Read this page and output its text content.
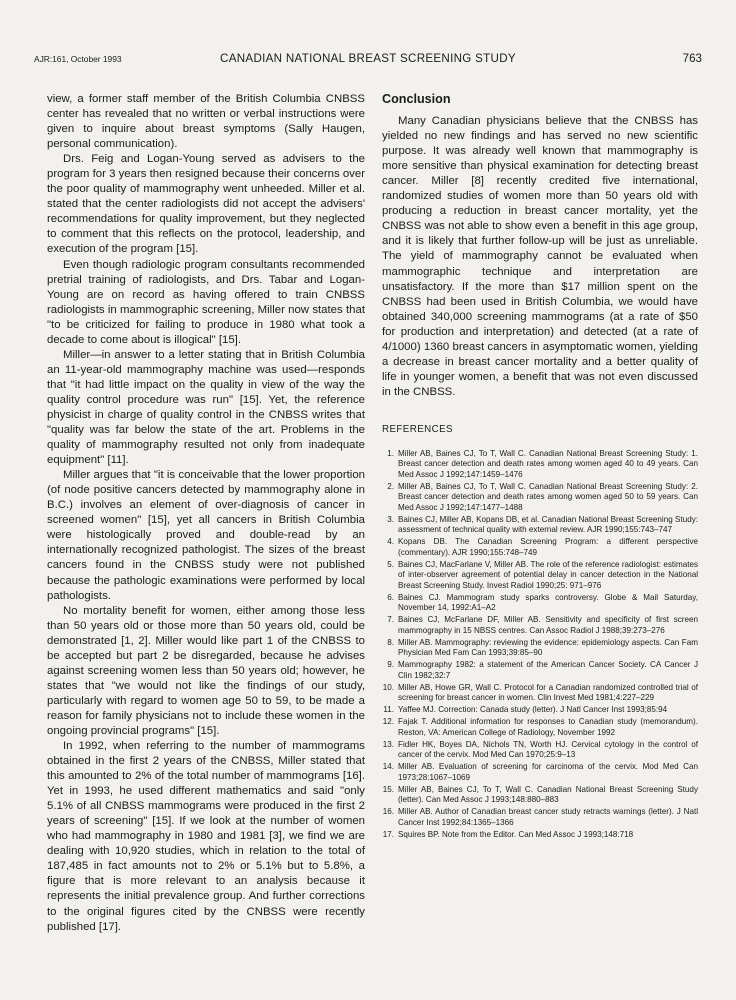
AJR:161, October 1993	CANADIAN NATIONAL BREAST SCREENING STUDY	763

view, a former staff member of the British Columbia CNBSS center has revealed that no written or verbal instructions were given to inquire about breast symptoms (Sally Haugen, personal communication).

Drs. Feig and Logan-Young served as advisers to the program for 3 years then resigned because their concerns over the poor quality of mammography went unheeded. Miller et al. stated that the center radiologists did not accept the advisers' recommendations for quality improvement, but they neglected to comment that this reflects on the protocol, leadership, and execution of the program [15].

Even though radiologic program consultants recommended pretrial training of radiologists, and Drs. Tabar and Logan-Young are on record as having offered to train CNBSS radiologists in mammographic screening, Miller now states that "to be criticized for failing to produce in 1980 what took a decade to come about is illogical" [15].

Miller—in answer to a letter stating that in British Columbia an 11-year-old mammography machine was used—responds that "it had little impact on the quality in view of the way the quality control procedure was run" [15]. Yet, the reference physicist in charge of quality control in the CNBSS writes that "quality was far below the state of the art. Problems in the quality of mammography resulted not only from inadequate equipment" [11].

Miller argues that "it is conceivable that the lower proportion (of node positive cancers detected by mammography alone in B.C.) involves an element of over-diagnosis of cancer in screened women" [15], yet all cancers in British Columbia were histologically proved and double-read by an internationally recognized pathologist. The sizes of the breast cancers found in the CNBSS study were not published because the pathologic examinations were performed by local pathologists.

No mortality benefit for women, either among those less than 50 years old or those more than 50 years old, could be demonstrated [1, 2]. Miller would like part 1 of the CNBSS to be accepted but part 2 be disregarded, because he advises against screening women less than 50 years old; however, he states that "we would not like the findings of our study, particularly with regard to women age 50 to 59, to be made a reason for family physicians not to include these women in the ongoing provincial programs" [15].

In 1992, when referring to the number of mammograms obtained in the first 2 years of the CNBSS, Miller stated that this amounted to 2% of the total number of mammograms [16]. Yet in 1993, he used different mathematics and said "only 5.1% of all CNBSS mammograms were produced in the first 2 years of screening" [15]. If we look at the number of women who had mammography in 1980 and 1981 [3], we find we are dealing with 10,920 studies, which in relation to the total of 187,485 in fact amounts not to 2% or 5.1% but to 5.8%, a figure that is more relevant to an analysis because it represents the initial prevalence group. And further corrections to the original figures cited by the CNBSS were recently published [17].

Conclusion

Many Canadian physicians believe that the CNBSS has yielded no new findings and has served no new scientific purpose. It was already well known that mammography is more sensitive than physical examination for detecting breast cancer. Miller [8] recently credited five international, randomized studies of women more than 50 years old with producing a reduction in breast cancer mortality, yet the CNBSS was not able to show even a benefit in this age group, and it is likely that further follow-up will be just as unreliable. The yield of mammography cannot be evaluated when mammographic technique and interpretation are unsatisfactory. If the more than $17 million spent on the CNBSS had been used in British Columbia, we would have obtained 340,000 screening mammograms (at a rate of $50 for production and interpretation) and detected (at a rate of 4/1000) 1360 breast cancers in asymptomatic women, yielding a decrease in breast cancer mortality and a better quality of life in younger women, a benefit that was not even discussed in the CNBSS.

REFERENCES
1. Miller AB, Baines CJ, To T, Wall C. Canadian National Breast Screening Study: 1. Breast cancer detection and death rates among women aged 40 to 49 years. Can Med Assoc J 1992;147:1459–1476
2. Miller AB, Baines CJ, To T, Wall C. Canadian National Breast Screening Study: 2. Breast cancer detection and death rates among women aged 50 to 59 years. Can Med Assoc J 1992;147:1477–1488
3. Baines CJ, Miller AB, Kopans DB, et al. Canadian National Breast Screening Study: assessment of technical quality with external review. AJR 1990;155:743–747
4. Kopans DB. The Canadian Screening Program: a different perspective (commentary). AJR 1990;155:748–749
5. Baines CJ, MacFarlane V, Miller AB. The role of the reference radiologist: estimates of inter-observer agreement of potential delay in cancer detection in the National Breast Screening Study. Invest Radiol 1990;25: 971–976
6. Baines CJ. Mammogram study sparks controversy. Globe & Mail Saturday, November 14, 1992:A1–A2
7. Baines CJ, McFarlane DF, Miller AB. Sensitivity and specificity of first screen mammography in 15 NBSS centres. Can Assoc Radiol J 1988;39:273–276
8. Miller AB. Mammography: reviewing the evidence: epidemiology aspects. Can Fam Physician Med Fam Can 1993;39:85–90
9. Mammography 1982: a statement of the American Cancer Society. CA Cancer J Clin 1982;32:7
10. Miller AB, Howe GR, Wall C. Protocol for a Canadian randomized controlled trial of screening for breast cancer in women. Clin Invest Med 1981;4:227–229
11. Yaffee MJ. Correction: Canada study (letter). J Natl Cancer Inst 1993;85:94
12. Fajak T. Additional information for responses to Canadian study (memorandum). Reston, VA: American College of Radiology, November 1992
13. Fidler HK, Boyes DA, Nichols TN, Worth HJ. Cervical cytology in the control of cancer of the cervix. Mod Med Can 1970;25:9–13
14. Miller AB. Evaluation of screening for carcinoma of the cervix. Mod Med Can 1973;28:1067–1069
15. Miller AB, Baines CJ, To T, Wall C. Canadian National Breast Screening Study (letter). Can Med Assoc J 1993;148:880–883
16. Miller AB. Author of Canadian breast cancer study retracts warnings (letter). J Natl Cancer Inst 1992;84:1365–1366
17. Squires BP. Note from the Editor. Can Med Assoc J 1993;148:718
